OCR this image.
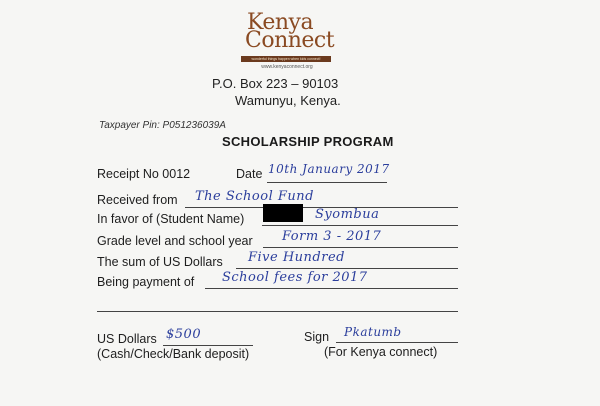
Kenya
Connect
wonderful things happen when kids connect!
www.kenyaconnect.org
P.O. Box 223 – 90103
Wamunyu, Kenya.
Taxpayer Pin: P051236039A
SCHOLARSHIP PROGRAM
Receipt No 0012	Date 10th January 2017
Received from The School Fund
In favor of (Student Name)	Syombua
Grade level and school year Form 3 - 2017
The sum of US Dollars Five Hundred
Being payment of School fees for 2017
US Dollars $500
(Cash/Check/Bank deposit)
Sign Pkatumb
(For Kenya connect)
